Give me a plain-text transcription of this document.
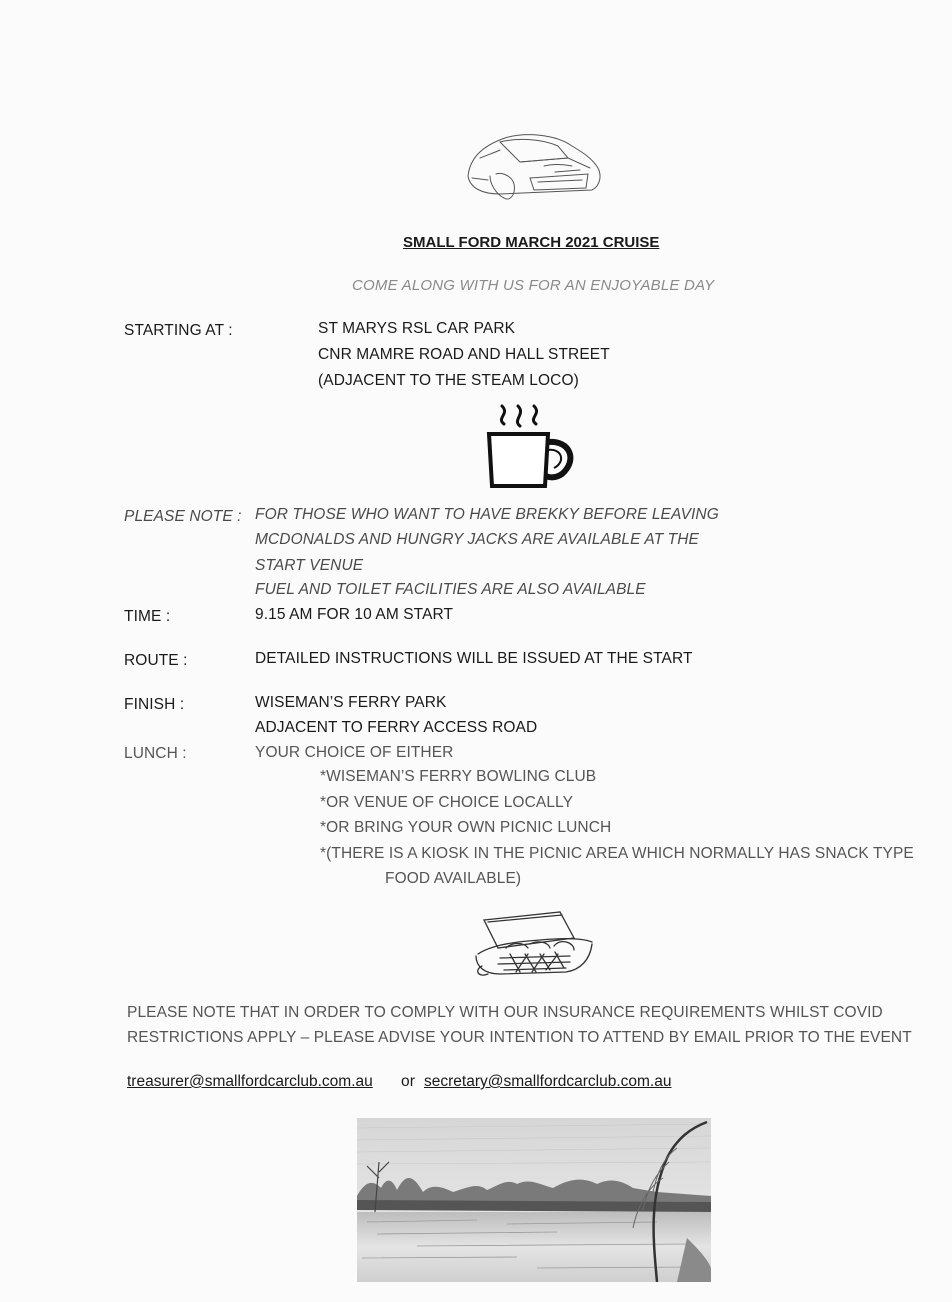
SMALL FORD MARCH 2021 CRUISE
COME ALONG WITH US FOR AN ENJOYABLE DAY
STARTING AT :	ST MARYS RSL CAR PARK
CNR MAMRE ROAD AND HALL STREET
(ADJACENT TO THE STEAM LOCO)
PLEASE NOTE : FOR THOSE WHO WANT TO HAVE BREKKY BEFORE LEAVING
MCDONALDS AND HUNGRY JACKS ARE AVAILABLE AT THE
START VENUE
FUEL AND TOILET FACILITIES ARE ALSO AVAILABLE
TIME :	9.15 AM FOR 10 AM START
ROUTE :	DETAILED INSTRUCTIONS WILL BE ISSUED AT THE START
FINISH :	WISEMAN’S FERRY PARK
ADJACENT TO FERRY ACCESS ROAD
LUNCH :	YOUR CHOICE OF EITHER
*WISEMAN’S FERRY BOWLING CLUB
*OR VENUE OF CHOICE LOCALLY
*OR BRING YOUR OWN PICNIC LUNCH
*(THERE IS A KIOSK IN THE PICNIC AREA WHICH NORMALLY HAS SNACK TYPE
FOOD AVAILABLE)
PLEASE NOTE THAT IN ORDER TO COMPLY WITH OUR INSURANCE REQUIREMENTS WHILST COVID
RESTRICTIONS APPLY – PLEASE ADVISE YOUR INTENTION TO ATTEND BY EMAIL PRIOR TO THE EVENT
treasurer@smallfordcarclub.com.au or secretary@smallfordcarclub.com.au
